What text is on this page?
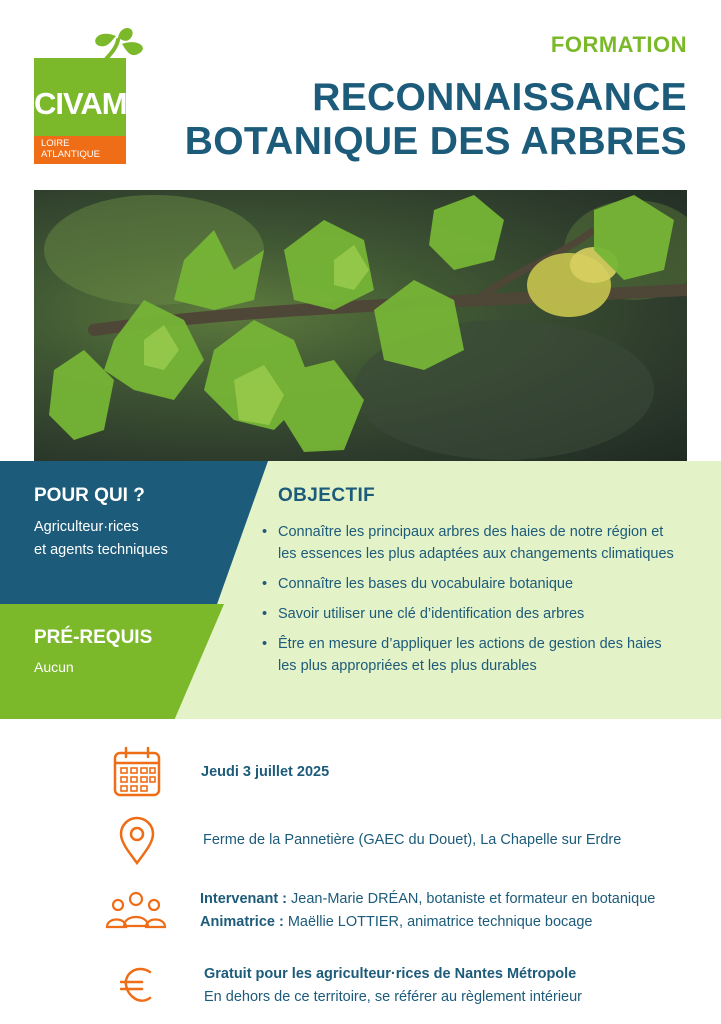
CIVAM
LOIRE
ATLANTIQUE
FORMATION
RECONNAISSANCE
BOTANIQUE DES ARBRES
POUR QUI ?
Agriculteur·rices
et agents techniques
PRÉ-REQUIS
Aucun
OBJECTIF
• Connaître les principaux arbres des haies de notre région et les essences les plus adaptées aux changements climatiques
• Connaître les bases du vocabulaire botanique
• Savoir utiliser une clé d’identification des arbres
• Être en mesure d’appliquer les actions de gestion des haies les plus appropriées et les plus durables
Jeudi 3 juillet 2025
Ferme de la Pannetière (GAEC du Douet), La Chapelle sur Erdre
Intervenant : Jean-Marie DRÉAN, botaniste et formateur en botanique
Animatrice : Maëllie LOTTIER, animatrice technique bocage
Gratuit pour les agriculteur·rices de Nantes Métropole
En dehors de ce territoire, se référer au règlement intérieur
